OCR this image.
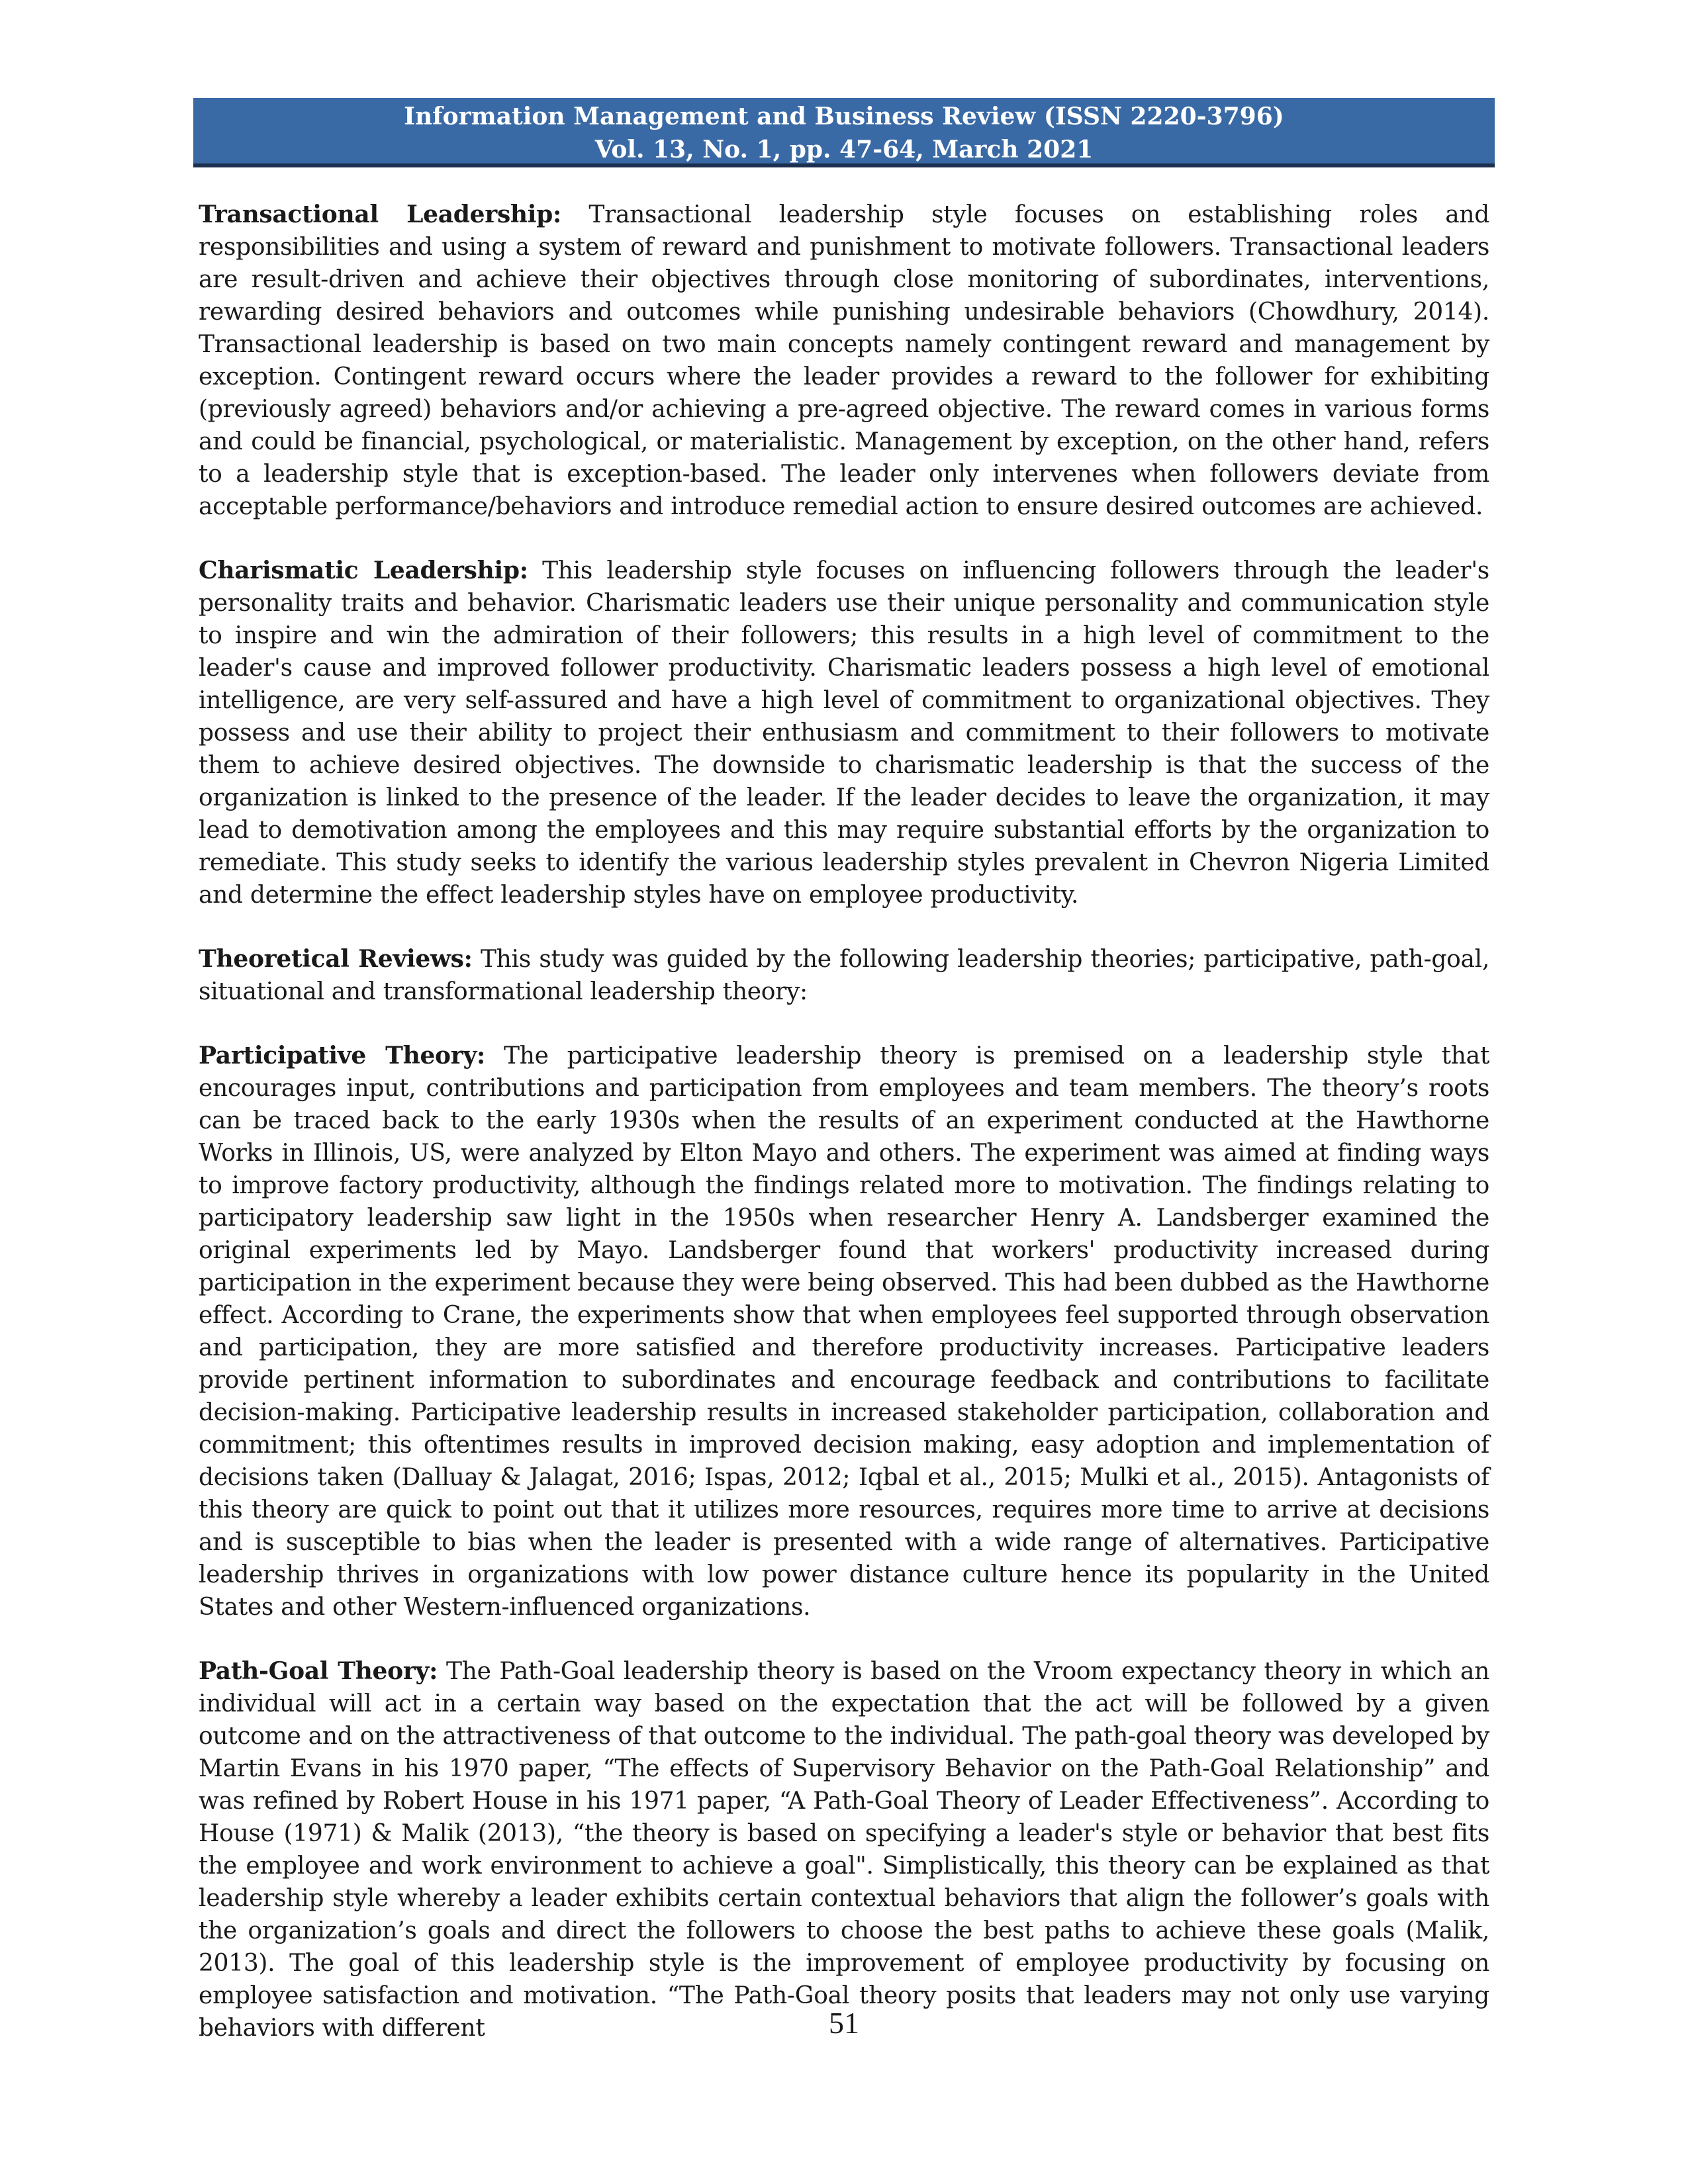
Information Management and Business Review (ISSN 2220-3796)
Vol. 13, No. 1, pp. 47-64, March 2021

Transactional Leadership: Transactional leadership style focuses on establishing roles and responsibilities and using a system of reward and punishment to motivate followers. Transactional leaders are result-driven and achieve their objectives through close monitoring of subordinates, interventions, rewarding desired behaviors and outcomes while punishing undesirable behaviors (Chowdhury, 2014). Transactional leadership is based on two main concepts namely contingent reward and management by exception. Contingent reward occurs where the leader provides a reward to the follower for exhibiting (previously agreed) behaviors and/or achieving a pre-agreed objective. The reward comes in various forms and could be financial, psychological, or materialistic. Management by exception, on the other hand, refers to a leadership style that is exception-based. The leader only intervenes when followers deviate from acceptable performance/behaviors and introduce remedial action to ensure desired outcomes are achieved.

Charismatic Leadership: This leadership style focuses on influencing followers through the leader's personality traits and behavior. Charismatic leaders use their unique personality and communication style to inspire and win the admiration of their followers; this results in a high level of commitment to the leader's cause and improved follower productivity. Charismatic leaders possess a high level of emotional intelligence, are very self-assured and have a high level of commitment to organizational objectives. They possess and use their ability to project their enthusiasm and commitment to their followers to motivate them to achieve desired objectives. The downside to charismatic leadership is that the success of the organization is linked to the presence of the leader. If the leader decides to leave the organization, it may lead to demotivation among the employees and this may require substantial efforts by the organization to remediate. This study seeks to identify the various leadership styles prevalent in Chevron Nigeria Limited and determine the effect leadership styles have on employee productivity.

Theoretical Reviews: This study was guided by the following leadership theories; participative, path-goal, situational and transformational leadership theory:

Participative Theory: The participative leadership theory is premised on a leadership style that encourages input, contributions and participation from employees and team members. The theory’s roots can be traced back to the early 1930s when the results of an experiment conducted at the Hawthorne Works in Illinois, US, were analyzed by Elton Mayo and others. The experiment was aimed at finding ways to improve factory productivity, although the findings related more to motivation. The findings relating to participatory leadership saw light in the 1950s when researcher Henry A. Landsberger examined the original experiments led by Mayo. Landsberger found that workers' productivity increased during participation in the experiment because they were being observed. This had been dubbed as the Hawthorne effect. According to Crane, the experiments show that when employees feel supported through observation and participation, they are more satisfied and therefore productivity increases. Participative leaders provide pertinent information to subordinates and encourage feedback and contributions to facilitate decision-making. Participative leadership results in increased stakeholder participation, collaboration and commitment; this oftentimes results in improved decision making, easy adoption and implementation of decisions taken (Dalluay & Jalagat, 2016; Ispas, 2012; Iqbal et al., 2015; Mulki et al., 2015). Antagonists of this theory are quick to point out that it utilizes more resources, requires more time to arrive at decisions and is susceptible to bias when the leader is presented with a wide range of alternatives. Participative leadership thrives in organizations with low power distance culture hence its popularity in the United States and other Western-influenced organizations.

Path-Goal Theory: The Path-Goal leadership theory is based on the Vroom expectancy theory in which an individual will act in a certain way based on the expectation that the act will be followed by a given outcome and on the attractiveness of that outcome to the individual. The path-goal theory was developed by Martin Evans in his 1970 paper, “The effects of Supervisory Behavior on the Path-Goal Relationship” and was refined by Robert House in his 1971 paper, “A Path-Goal Theory of Leader Effectiveness”. According to House (1971) & Malik (2013), “the theory is based on specifying a leader's style or behavior that best fits the employee and work environment to achieve a goal". Simplistically, this theory can be explained as that leadership style whereby a leader exhibits certain contextual behaviors that align the follower’s goals with the organization’s goals and direct the followers to choose the best paths to achieve these goals (Malik, 2013). The goal of this leadership style is the improvement of employee productivity by focusing on employee satisfaction and motivation. “The Path-Goal theory posits that leaders may not only use varying behaviors with different	51
